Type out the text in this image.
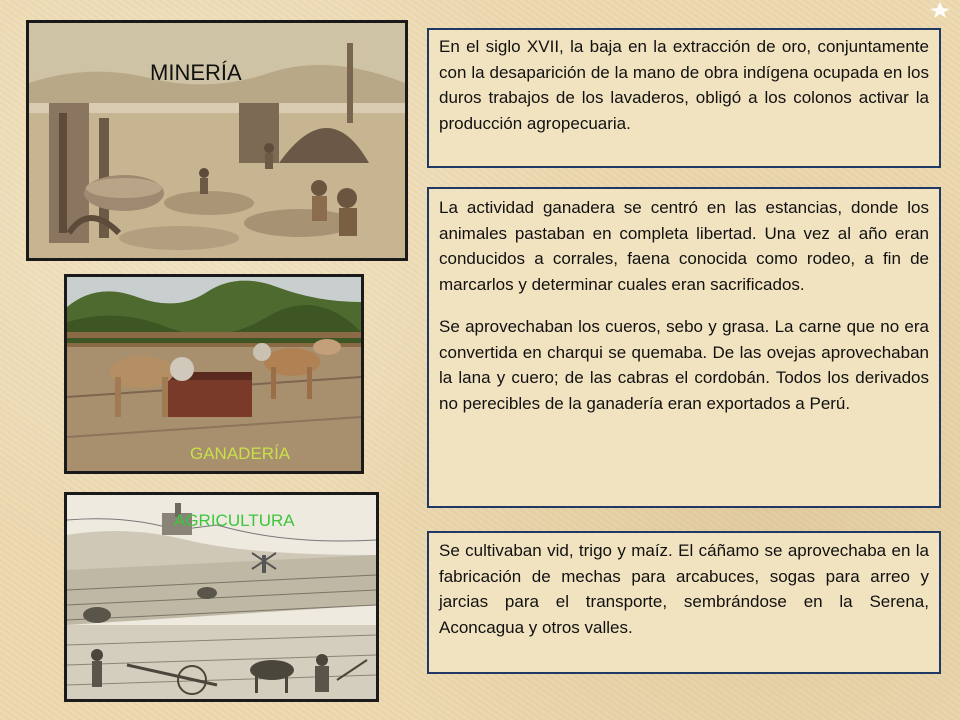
MINERÍA
GANADERÍA
AGRICULTURA

En el siglo XVII, la baja en la extracción de oro, conjuntamente con la desaparición de la mano de obra indígena ocupada en los duros trabajos de los lavaderos, obligó a los colonos activar la producción agropecuaria.

La actividad ganadera se centró en las estancias, donde los animales pastaban en completa libertad. Una vez al año eran conducidos a corrales, faena conocida como rodeo, a fin de marcarlos y determinar cuales eran sacrificados.

Se aprovechaban los cueros, sebo y grasa. La carne que no era convertida en charqui se quemaba. De las ovejas aprovechaban la lana y cuero; de las cabras el cordobán. Todos los derivados no perecibles de la ganadería eran exportados a Perú.

Se cultivaban vid, trigo y maíz. El cáñamo se aprovechaba en la fabricación de mechas para arcabuces, sogas para arreo y jarcias para el transporte, sembrándose en la Serena, Aconcagua y otros valles.
